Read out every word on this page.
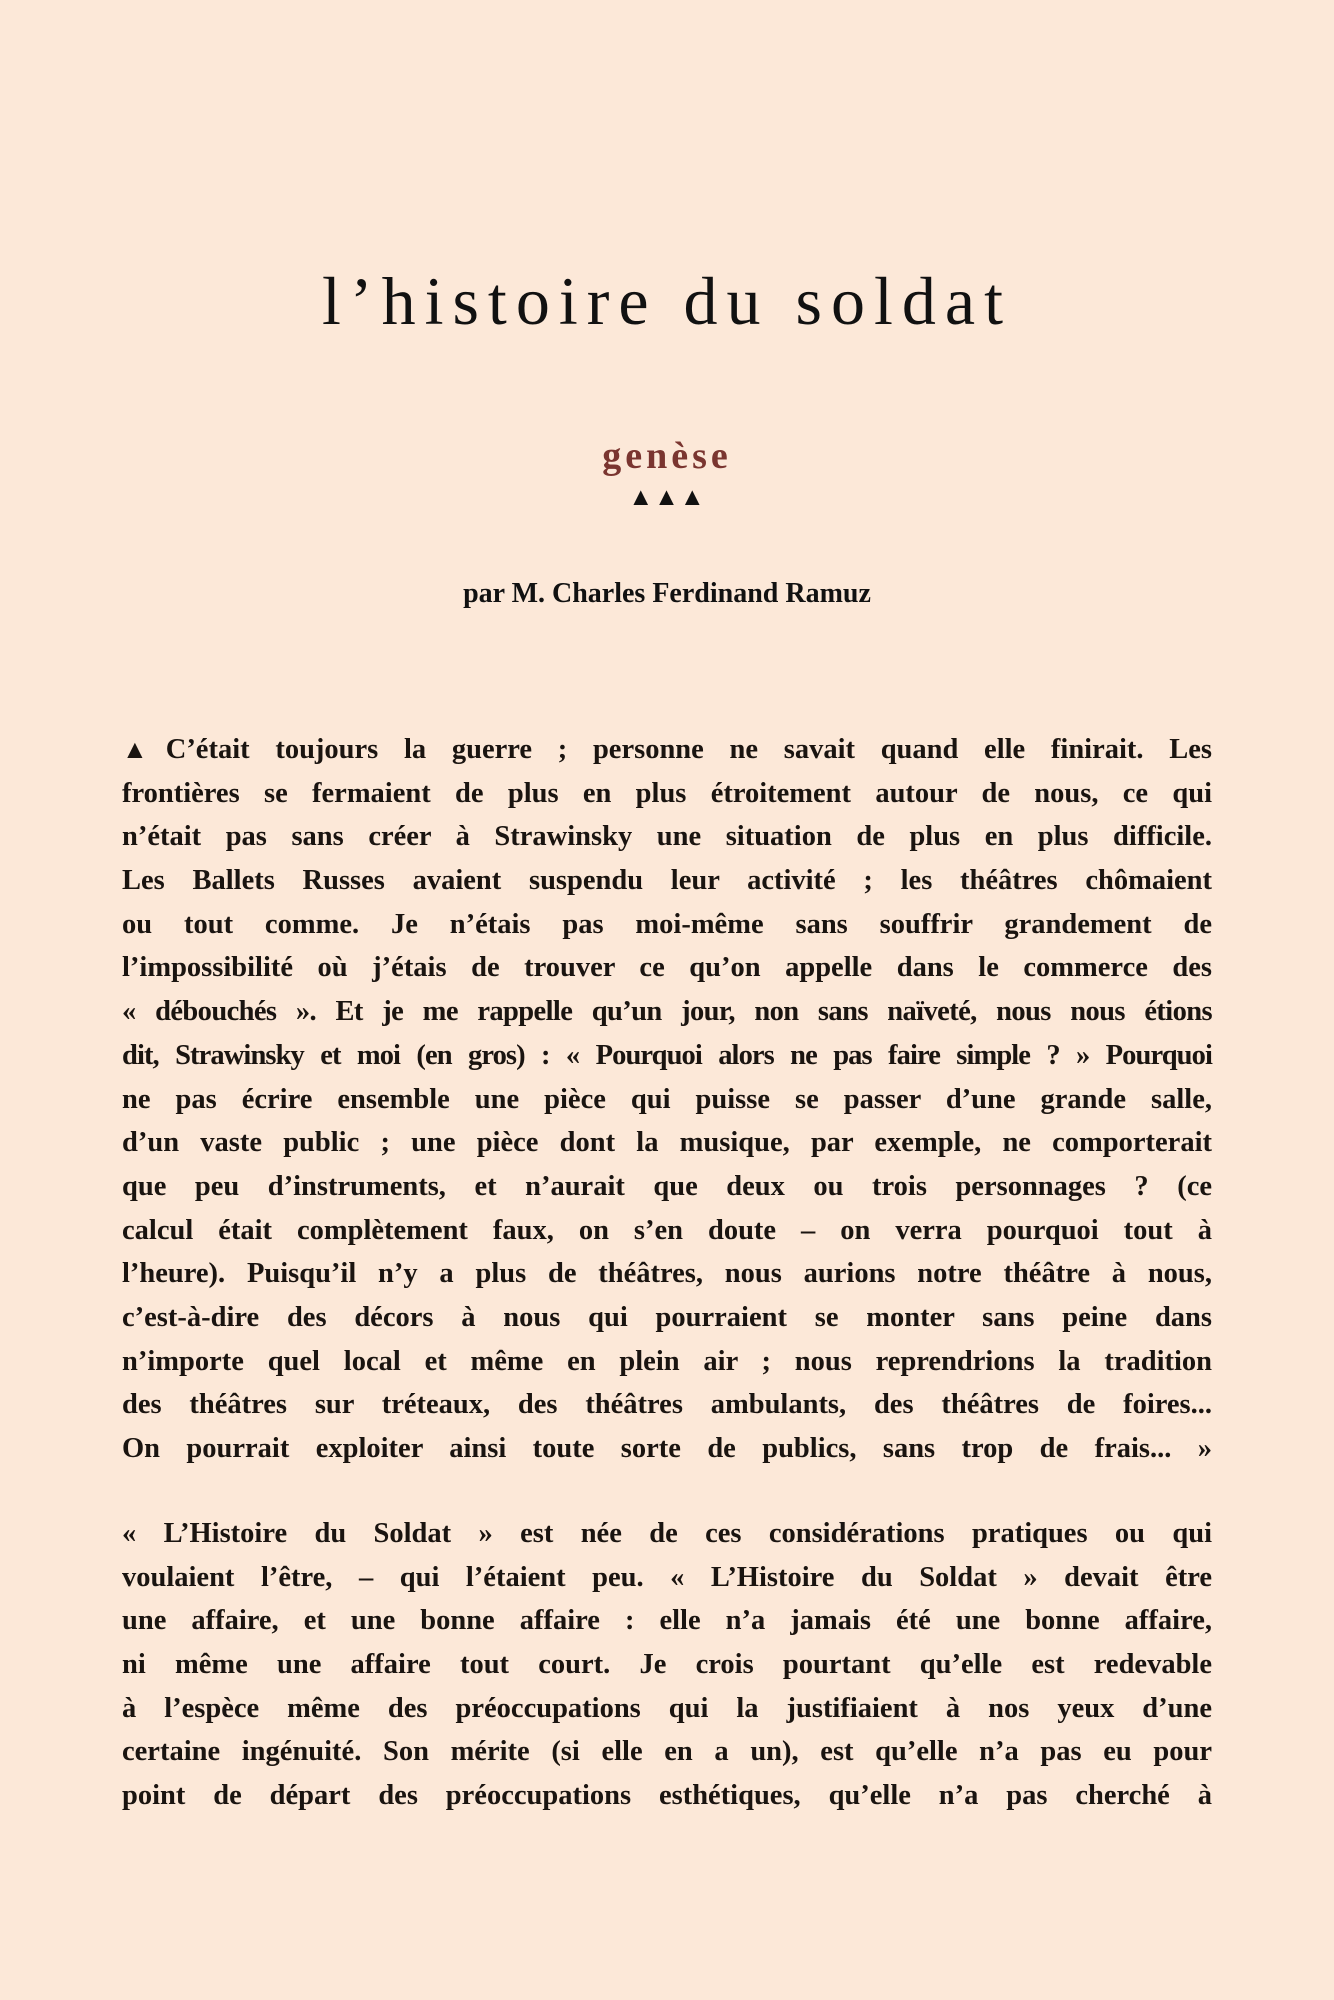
l’histoire du soldat
genèse
▲▲▲
par M. Charles Ferdinand Ramuz
▲ C’était toujours la guerre ; personne ne savait quand elle finirait. Les
frontières se fermaient de plus en plus étroitement autour de nous, ce qui
n’était pas sans créer à Strawinsky une situation de plus en plus difficile.
Les Ballets Russes avaient suspendu leur activité ; les théâtres chômaient
ou tout comme. Je n’étais pas moi-même sans souffrir grandement de
l’impossibilité où j’étais de trouver ce qu’on appelle dans le commerce des
« débouchés ». Et je me rappelle qu’un jour, non sans naïveté, nous nous étions
dit, Strawinsky et moi (en gros) : « Pourquoi alors ne pas faire simple ? » Pourquoi
ne pas écrire ensemble une pièce qui puisse se passer d’une grande salle,
d’un vaste public ; une pièce dont la musique, par exemple, ne comporterait
que peu d’instruments, et n’aurait que deux ou trois personnages ? (ce
calcul était complètement faux, on s’en doute – on verra pourquoi tout à
l’heure). Puisqu’il n’y a plus de théâtres, nous aurions notre théâtre à nous,
c’est-à-dire des décors à nous qui pourraient se monter sans peine dans
n’importe quel local et même en plein air ; nous reprendrions la tradition
des théâtres sur tréteaux, des théâtres ambulants, des théâtres de foires...
On pourrait exploiter ainsi toute sorte de publics, sans trop de frais... »
« L’Histoire du Soldat » est née de ces considérations pratiques ou qui
voulaient l’être, – qui l’étaient peu. « L’Histoire du Soldat » devait être
une affaire, et une bonne affaire : elle n’a jamais été une bonne affaire,
ni même une affaire tout court. Je crois pourtant qu’elle est redevable
à l’espèce même des préoccupations qui la justifiaient à nos yeux d’une
certaine ingénuité. Son mérite (si elle en a un), est qu’elle n’a pas eu pour
point de départ des préoccupations esthétiques, qu’elle n’a pas cherché à
